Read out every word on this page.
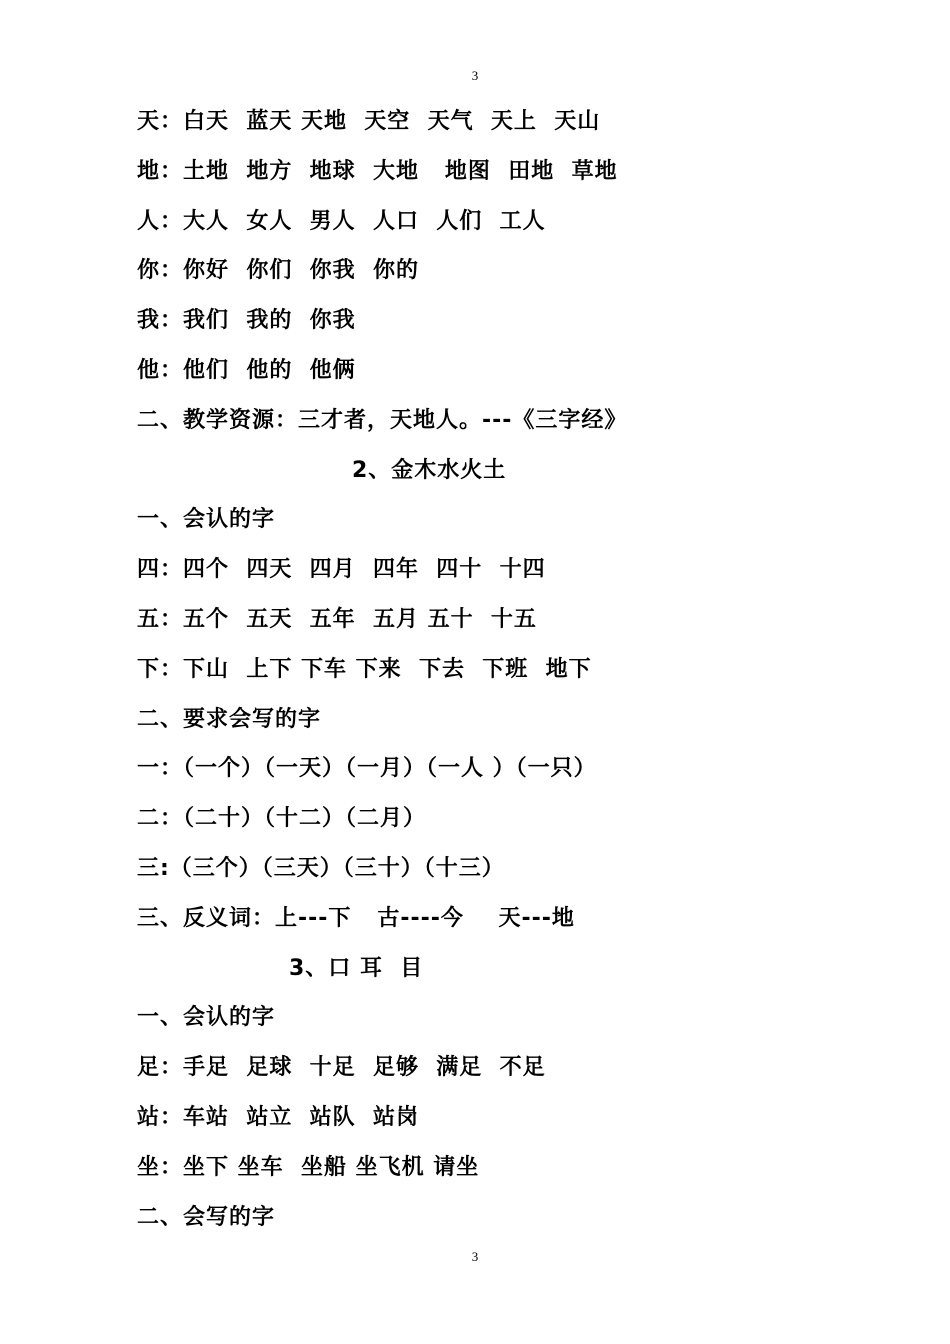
3
天：白天  蓝天 天地  天空  天气  天上  天山
地：土地  地方  地球  大地   地图  田地  草地
人：大人  女人  男人  人口  人们  工人
你：你好  你们  你我  你的
我：我们  我的  你我
他：他们  他的  他俩
二、教学资源：三才者，天地人。---《三字经》
2、金木水火土
一、会认的字
四：四个  四天  四月  四年  四十  十四
五：五个  五天  五年  五月 五十  十五
下：下山  上下 下车 下来  下去  下班  地下
二、要求会写的字
一：（一个）（一天）（一月）（一人 ）（一只）
二：（二十）（十二）（二月）
三:（三个）（三天）（三十）（十三）
三、反义词：上---下   古----今    天---地
3、口 耳  目
一、会认的字
足：手足  足球  十足  足够  满足  不足
站：车站  站立  站队  站岗
坐：坐下 坐车  坐船 坐飞机 请坐
二、会写的字
3
